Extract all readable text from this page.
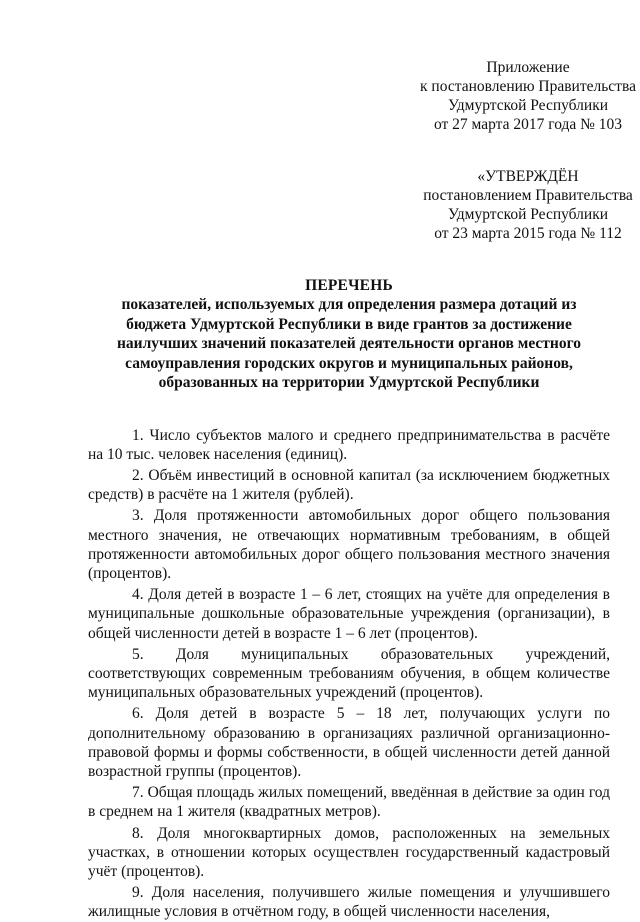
Приложение
к постановлению Правительства
Удмуртской Республики
от 27 марта 2017 года № 103
«УТВЕРЖДЁН
постановлением Правительства
Удмуртской Республики
от 23 марта 2015 года № 112
ПЕРЕЧЕНЬ
показателей, используемых для определения размера дотаций из бюджета Удмуртской Республики в виде грантов за достижение наилучших значений показателей деятельности органов местного самоуправления городских округов и муниципальных районов, образованных на территории Удмуртской Республики

1. Число субъектов малого и среднего предпринимательства в расчёте на 10 тыс. человек населения (единиц).

2. Объём инвестиций в основной капитал (за исключением бюджетных средств) в расчёте на 1 жителя (рублей).

3. Доля протяженности автомобильных дорог общего пользования местного значения, не отвечающих нормативным требованиям, в общей протяженности автомобильных дорог общего пользования местного значения (процентов).

4. Доля детей в возрасте 1 – 6 лет, стоящих на учёте для определения в муниципальные дошкольные образовательные учреждения (организации), в общей численности детей в возрасте 1 – 6 лет (процентов).

5. Доля муниципальных образовательных учреждений, соответствующих современным требованиям обучения, в общем количестве муниципальных образовательных учреждений (процентов).

6. Доля детей в возрасте 5 – 18 лет, получающих услуги по дополнительному образованию в организациях различной организационно-правовой формы и формы собственности, в общей численности детей данной возрастной группы (процентов).

7. Общая площадь жилых помещений, введённая в действие за один год в среднем на 1 жителя (квадратных метров).

8. Доля многоквартирных домов, расположенных на земельных участках, в отношении которых осуществлен государственный кадастровый учёт (процентов).

9. Доля населения, получившего жилые помещения и улучшившего жилищные условия в отчётном году, в общей численности населения,
